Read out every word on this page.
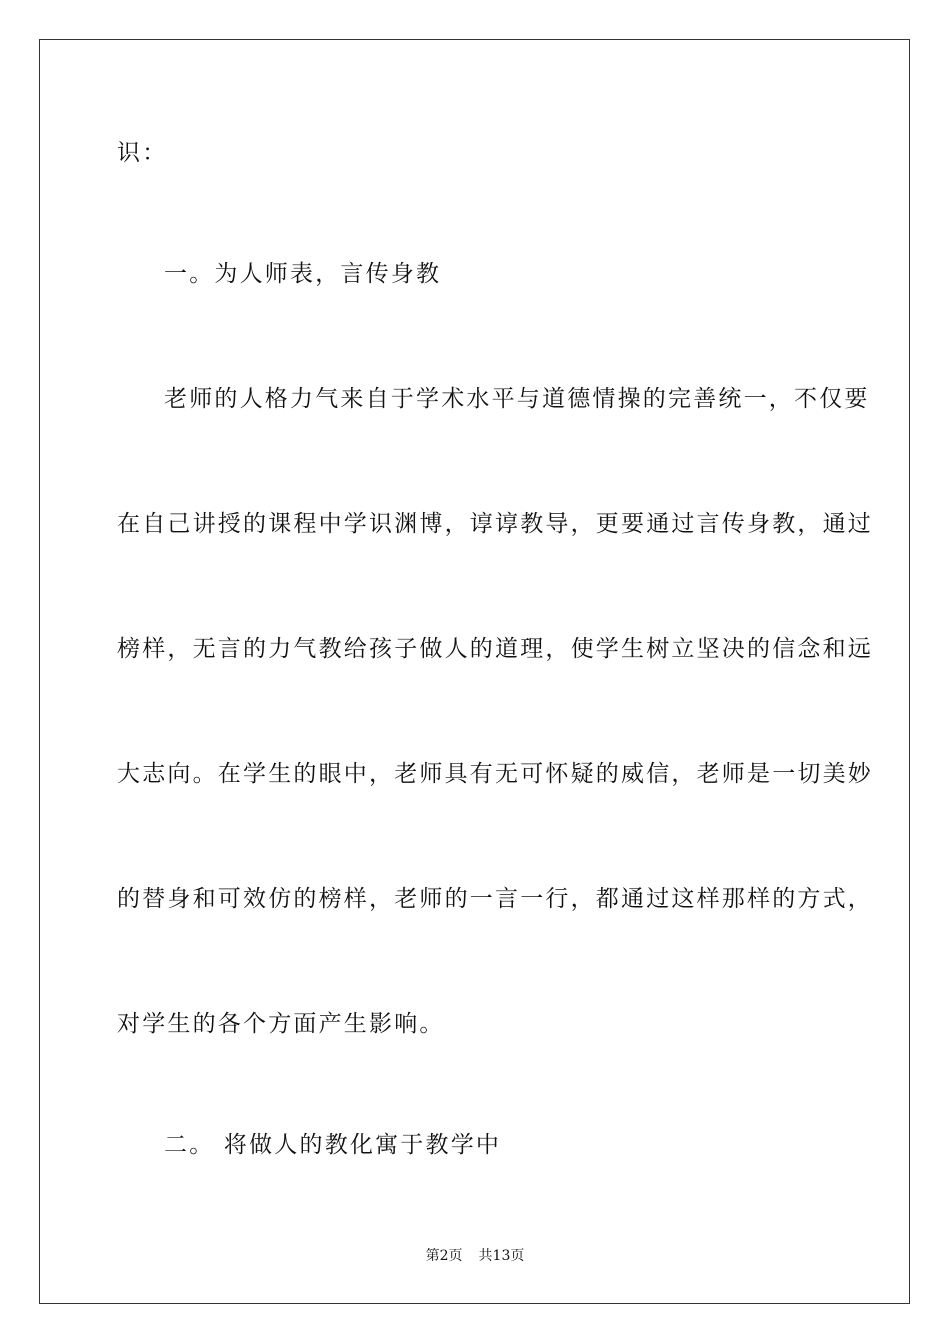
识：
一。为人师表，言传身教
老师的人格力气来自于学术水平与道德情操的完善统一，不仅要
在自己讲授的课程中学识渊博，谆谆教导，更要通过言传身教，通过
榜样，无言的力气教给孩子做人的道理，使学生树立坚决的信念和远
大志向。在学生的眼中，老师具有无可怀疑的威信，老师是一切美妙
的替身和可效仿的榜样，老师的一言一行，都通过这样那样的方式，
对学生的各个方面产生影响。
二。 将做人的教化寓于教学中
第2页 共13页
